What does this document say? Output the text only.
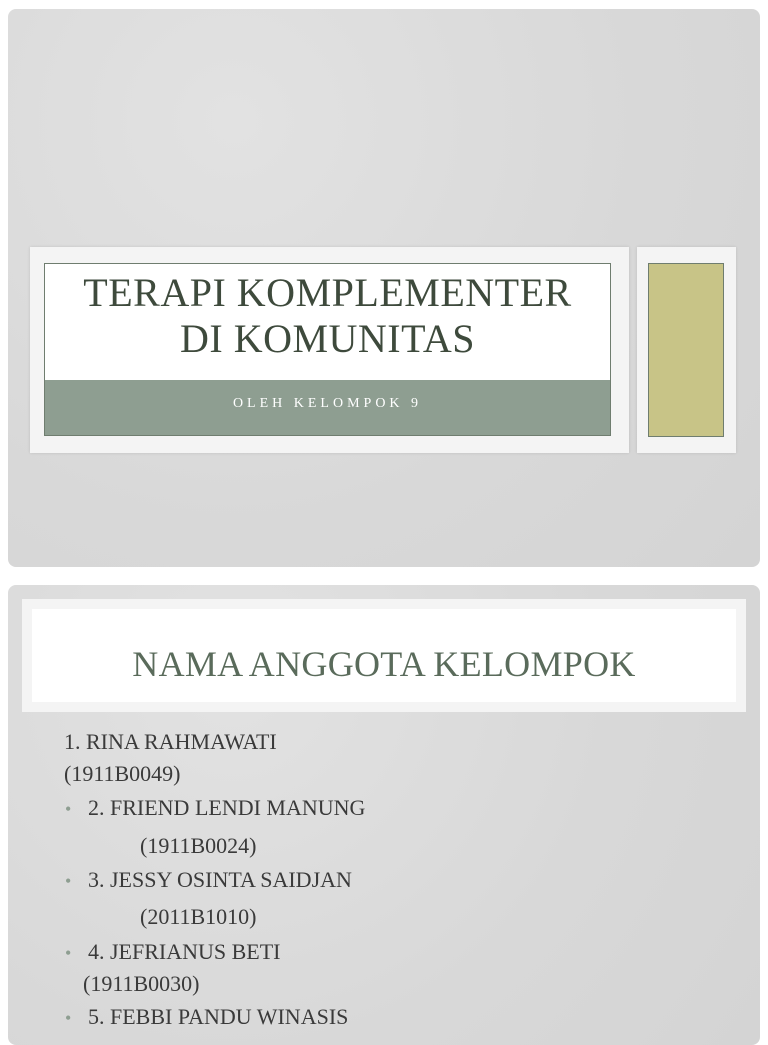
TERAPI KOMPLEMENTER
DI KOMUNITAS
OLEH KELOMPOK 9
NAMA ANGGOTA KELOMPOK
1. RINA RAHMAWATI
(1911B0049)
• 2. FRIEND LENDI MANUNG
(1911B0024)
• 3. JESSY OSINTA SAIDJAN
(2011B1010)
• 4. JEFRIANUS BETI
(1911B0030)
• 5. FEBBI PANDU WINASIS
